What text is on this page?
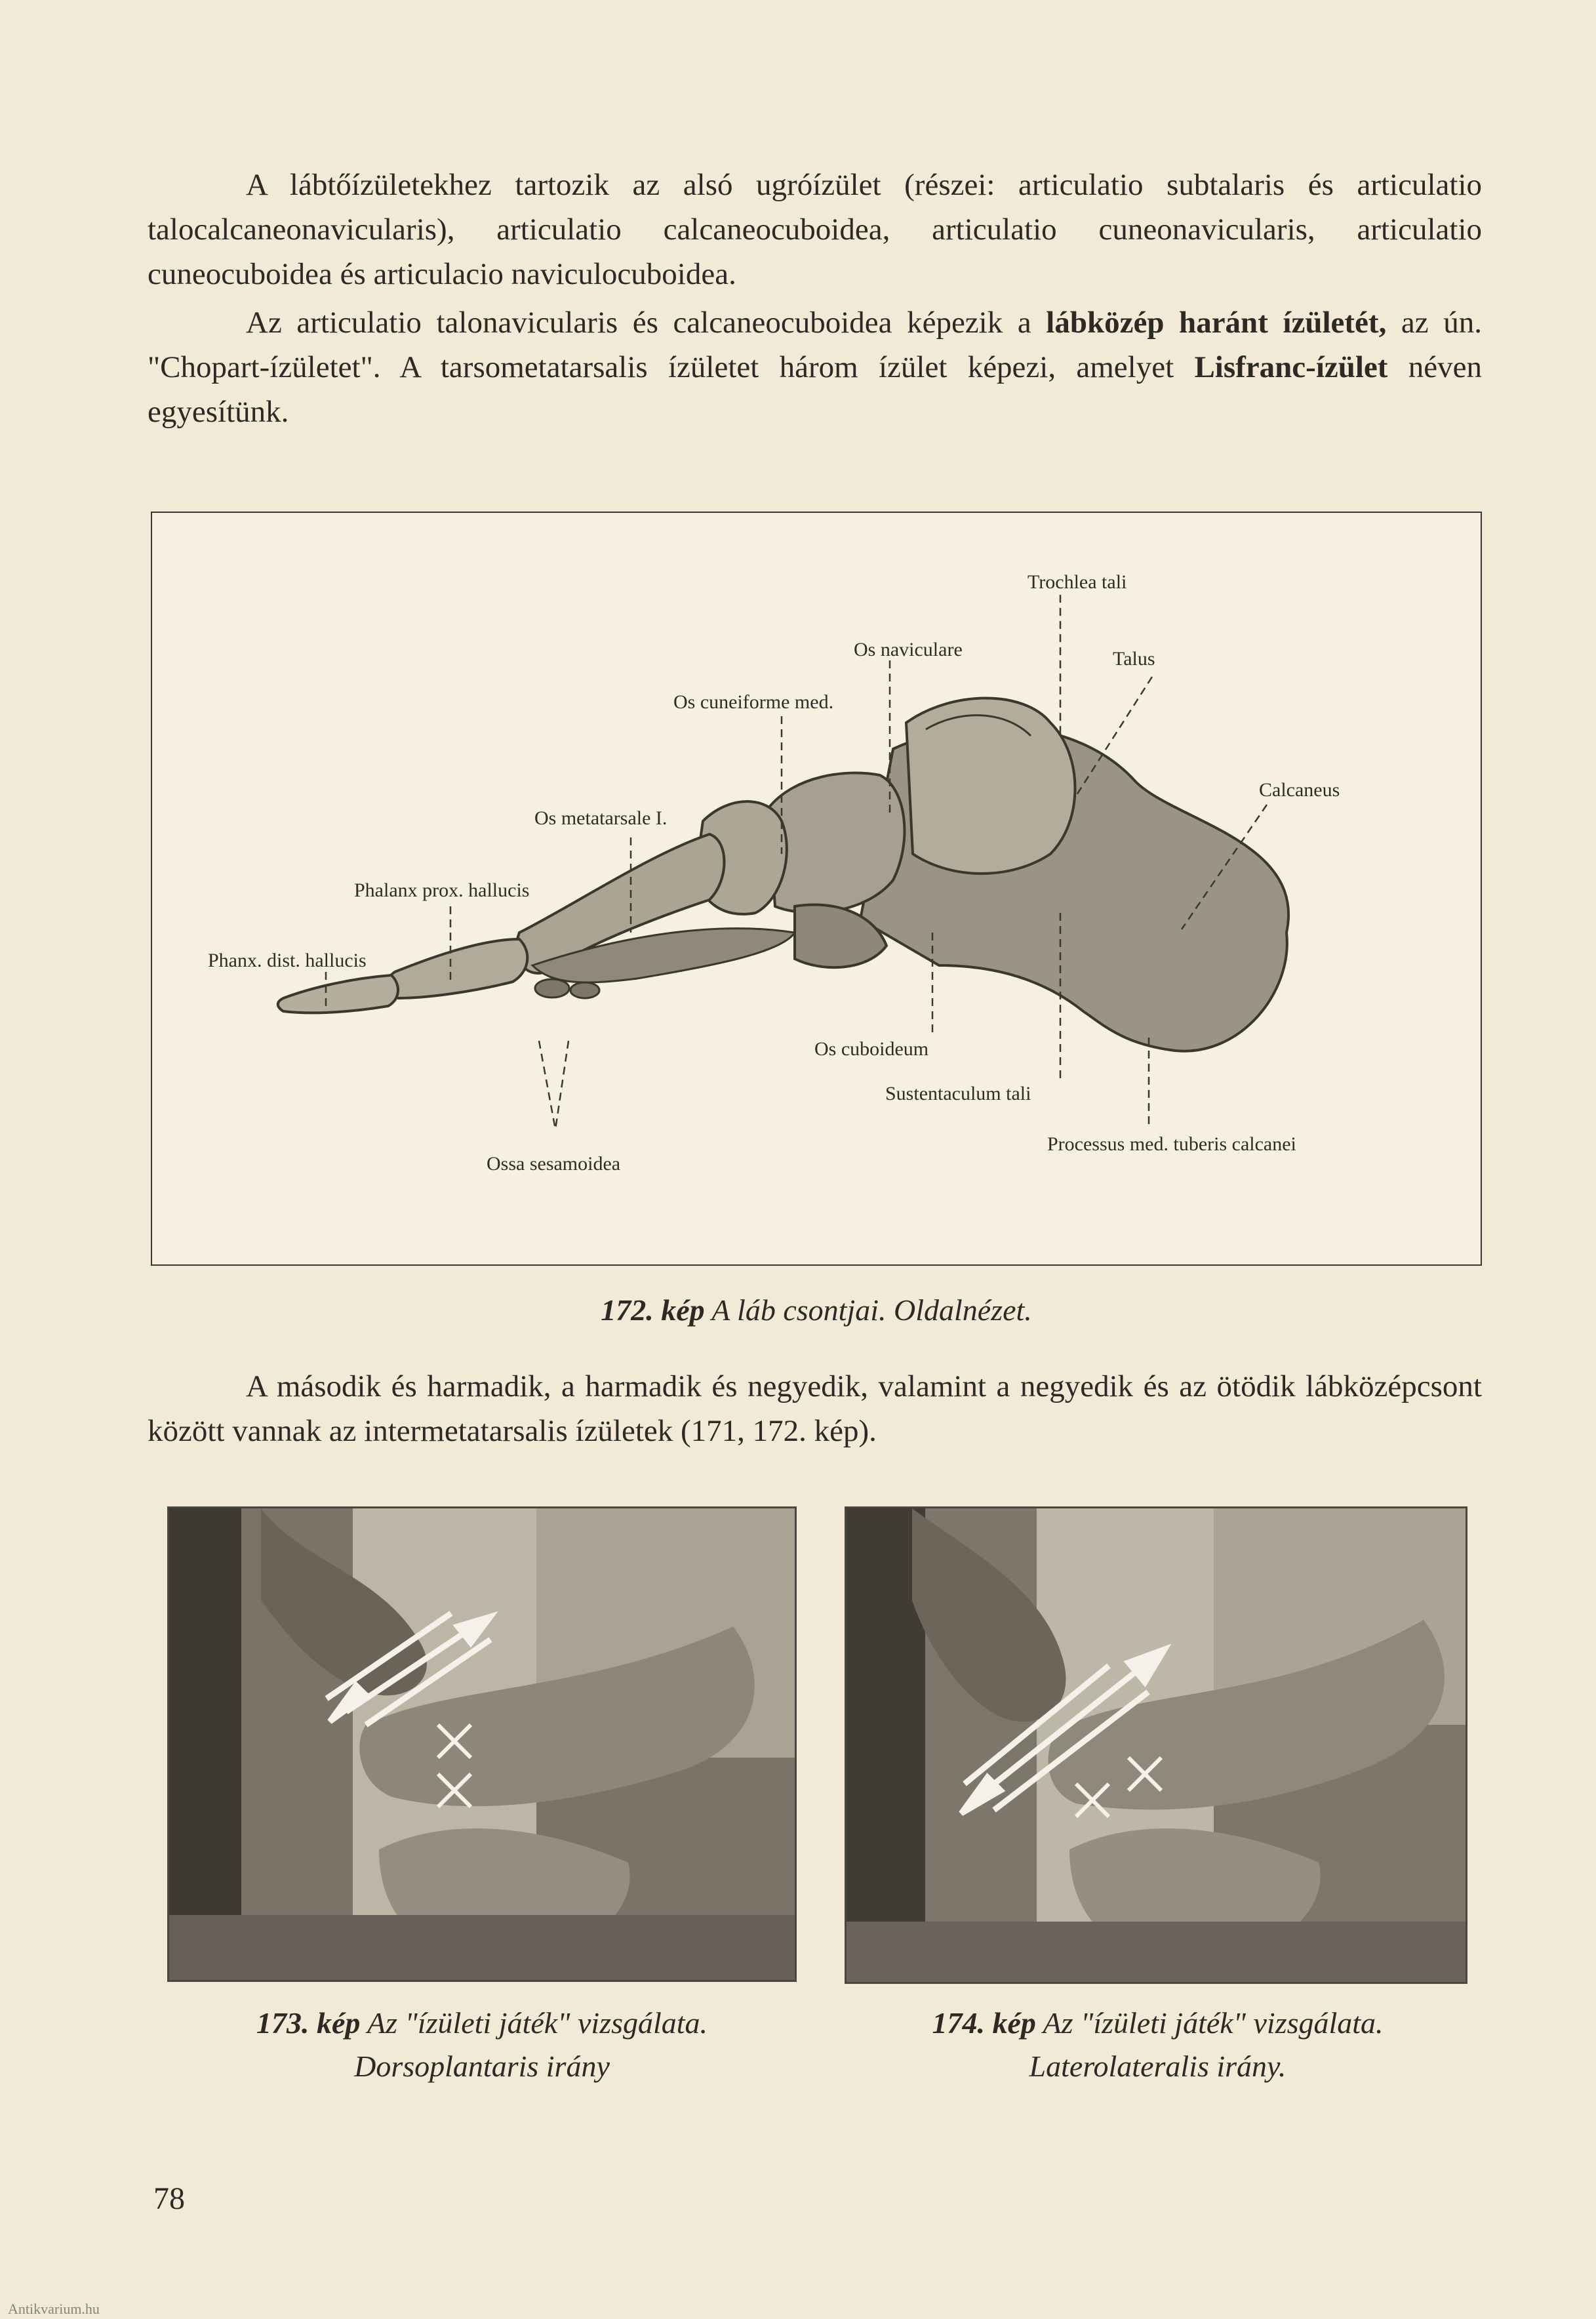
A lábtőízületekhez tartozik az alsó ugróízület (részei: articulatio subtalaris és articulatio talocalcaneonavicularis), articulatio calcaneocuboidea, articulatio cuneonavicularis, articulatio cuneocuboidea és articulacio naviculocuboidea.
Az articulatio talonavicularis és calcaneocuboidea képezik a lábközép haránt ízületét, az ún. "Chopart-ízületet". A tarsometatarsalis ízületet három ízület képezi, amelyet Lisfranc-ízület néven egyesítünk.
Trochlea tali
Os naviculare	Talus
Os cuneiforme med.
Calcaneus
Os metatarsale I.
Phalanx prox. hallucis
Phanx. dist. hallucis
Os cuboideum
Sustentaculum tali
Processus med. tuberis calcanei
Ossa sesamoidea
172. kép A láb csontjai. Oldalnézet.
A második és harmadik, a harmadik és negyedik, valamint a negyedik és az ötödik lábközépcsont között vannak az intermetatarsalis ízületek (171, 172. kép).
173. kép Az "ízületi játék" vizsgálata.
Dorsoplantaris irány
174. kép Az "ízületi játék" vizsgálata.
Laterolateralis irány.
78
Antikvarium.hu
